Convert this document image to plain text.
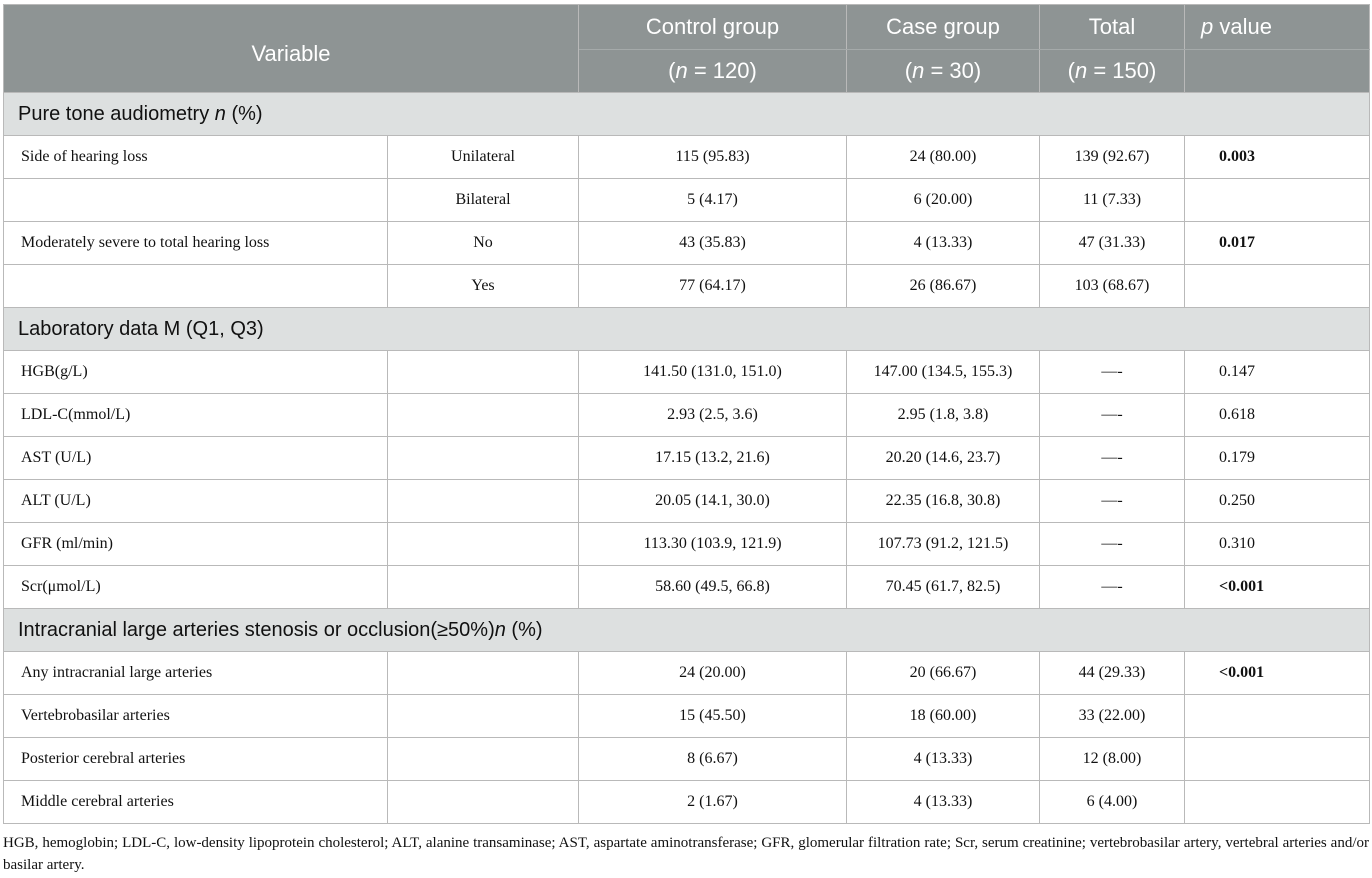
Variable		Control group	Case group	Total	p value
		(n = 120)	(n = 30)	(n = 150)	
Pure tone audiometry n (%)					
Side of hearing loss	Unilateral	115 (95.83)	24 (80.00)	139 (92.67)	0.003
	Bilateral	5 (4.17)	6 (20.00)	11 (7.33)	
Moderately severe to total hearing loss	No	43 (35.83)	4 (13.33)	47 (31.33)	0.017
	Yes	77 (64.17)	26 (86.67)	103 (68.67)	
Laboratory data M (Q1, Q3)					
HGB(g/L)		141.50 (131.0, 151.0)	147.00 (134.5, 155.3)	—-	0.147
LDL-C(mmol/L)		2.93 (2.5, 3.6)	2.95 (1.8, 3.8)	—-	0.618
AST (U/L)		17.15 (13.2, 21.6)	20.20 (14.6, 23.7)	—-	0.179
ALT (U/L)		20.05 (14.1, 30.0)	22.35 (16.8, 30.8)	—-	0.250
GFR (ml/min)		113.30 (103.9, 121.9)	107.73 (91.2, 121.5)	—-	0.310
Scr(μmol/L)		58.60 (49.5, 66.8)	70.45 (61.7, 82.5)	—-	<0.001
Intracranial large arteries stenosis or occlusion(≥50%)n (%)					
Any intracranial large arteries		24 (20.00)	20 (66.67)	44 (29.33)	<0.001
Vertebrobasilar arteries		15 (45.50)	18 (60.00)	33 (22.00)	
Posterior cerebral arteries		8 (6.67)	4 (13.33)	12 (8.00)	
Middle cerebral arteries		2 (1.67)	4 (13.33)	6 (4.00)	
HGB, hemoglobin; LDL-C, low-density lipoprotein cholesterol; ALT, alanine transaminase; AST, aspartate aminotransferase; GFR, glomerular filtration rate; Scr, serum creatinine; vertebrobasilar artery, vertebral arteries and/or basilar artery.
